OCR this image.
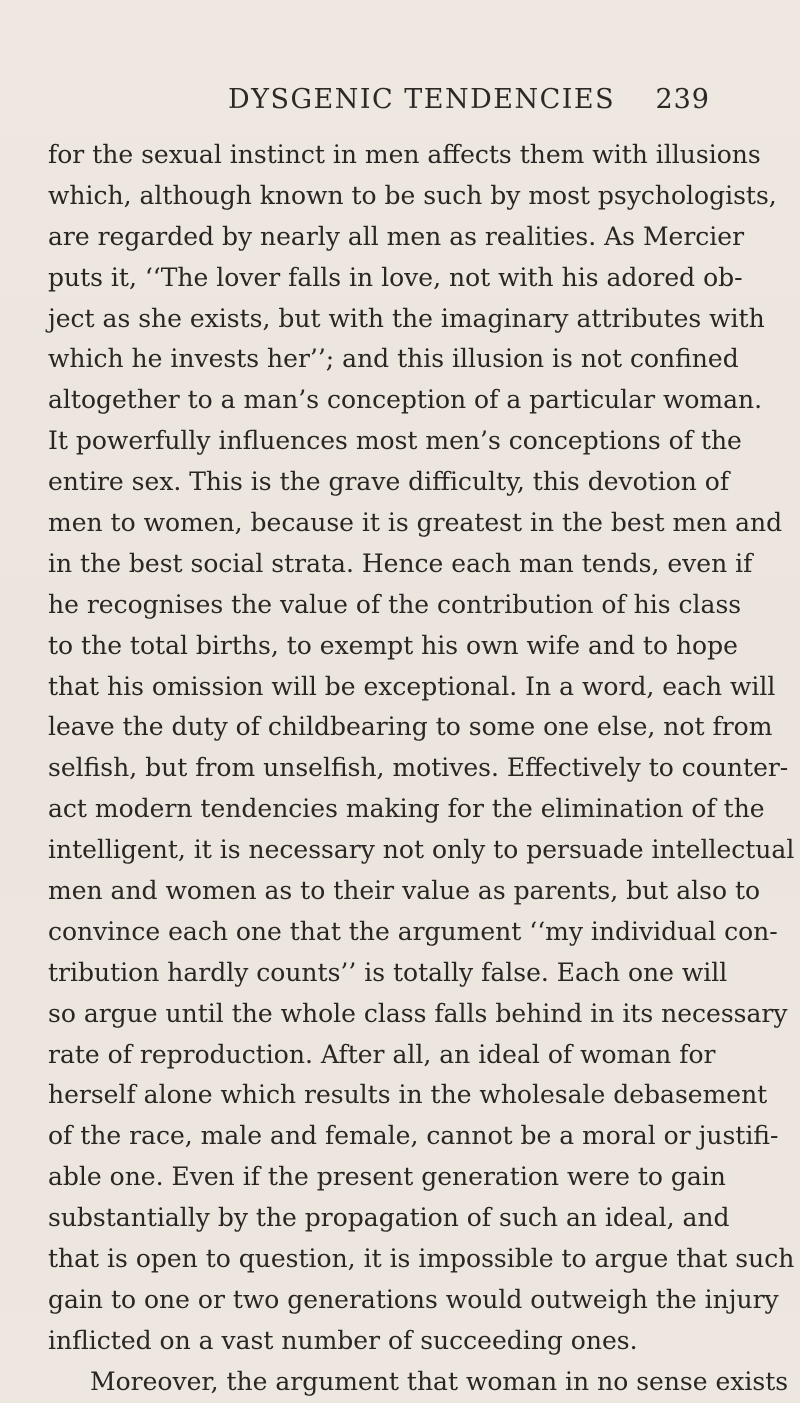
DYSGENIC TENDENCIES 239
for the sexual instinct in men affects them with illusions
which, although known to be such by most psychologists,
are regarded by nearly all men as realities. As Mercier
puts it, ‘‘The lover falls in love, not with his adored ob-
ject as she exists, but with the imaginary attributes with
which he invests her’’; and this illusion is not confined
altogether to a man’s conception of a particular woman.
It powerfully influences most men’s conceptions of the
entire sex. This is the grave difficulty, this devotion of
men to women, because it is greatest in the best men and
in the best social strata. Hence each man tends, even if
he recognises the value of the contribution of his class
to the total births, to exempt his own wife and to hope
that his omission will be exceptional. In a word, each will
leave the duty of childbearing to some one else, not from
selfish, but from unselfish, motives. Effectively to counter-
act modern tendencies making for the elimination of the
intelligent, it is necessary not only to persuade intellectual
men and women as to their value as parents, but also to
convince each one that the argument ‘‘my individual con-
tribution hardly counts’’ is totally false. Each one will
so argue until the whole class falls behind in its necessary
rate of reproduction. After all, an ideal of woman for
herself alone which results in the wholesale debasement
of the race, male and female, cannot be a moral or justifi-
able one. Even if the present generation were to gain
substantially by the propagation of such an ideal, and
that is open to question, it is impossible to argue that such
gain to one or two generations would outweigh the injury
inflicted on a vast number of succeeding ones.
Moreover, the argument that woman in no sense exists
